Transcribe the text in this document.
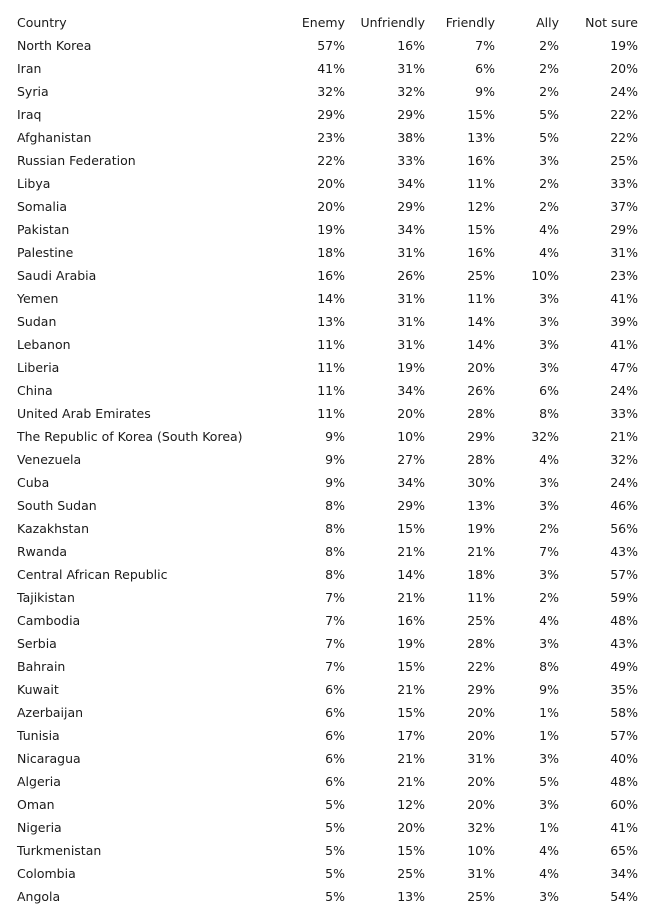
Country	Enemy	Unfriendly	Friendly	Ally	Not sure
North Korea	57%	16%	7%	2%	19%
Iran	41%	31%	6%	2%	20%
Syria	32%	32%	9%	2%	24%
Iraq	29%	29%	15%	5%	22%
Afghanistan	23%	38%	13%	5%	22%
Russian Federation	22%	33%	16%	3%	25%
Libya	20%	34%	11%	2%	33%
Somalia	20%	29%	12%	2%	37%
Pakistan	19%	34%	15%	4%	29%
Palestine	18%	31%	16%	4%	31%
Saudi Arabia	16%	26%	25%	10%	23%
Yemen	14%	31%	11%	3%	41%
Sudan	13%	31%	14%	3%	39%
Lebanon	11%	31%	14%	3%	41%
Liberia	11%	19%	20%	3%	47%
China	11%	34%	26%	6%	24%
United Arab Emirates	11%	20%	28%	8%	33%
The Republic of Korea (South Korea)	9%	10%	29%	32%	21%
Venezuela	9%	27%	28%	4%	32%
Cuba	9%	34%	30%	3%	24%
South Sudan	8%	29%	13%	3%	46%
Kazakhstan	8%	15%	19%	2%	56%
Rwanda	8%	21%	21%	7%	43%
Central African Republic	8%	14%	18%	3%	57%
Tajikistan	7%	21%	11%	2%	59%
Cambodia	7%	16%	25%	4%	48%
Serbia	7%	19%	28%	3%	43%
Bahrain	7%	15%	22%	8%	49%
Kuwait	6%	21%	29%	9%	35%
Azerbaijan	6%	15%	20%	1%	58%
Tunisia	6%	17%	20%	1%	57%
Nicaragua	6%	21%	31%	3%	40%
Algeria	6%	21%	20%	5%	48%
Oman	5%	12%	20%	3%	60%
Nigeria	5%	20%	32%	1%	41%
Turkmenistan	5%	15%	10%	4%	65%
Colombia	5%	25%	31%	4%	34%
Angola	5%	13%	25%	3%	54%
